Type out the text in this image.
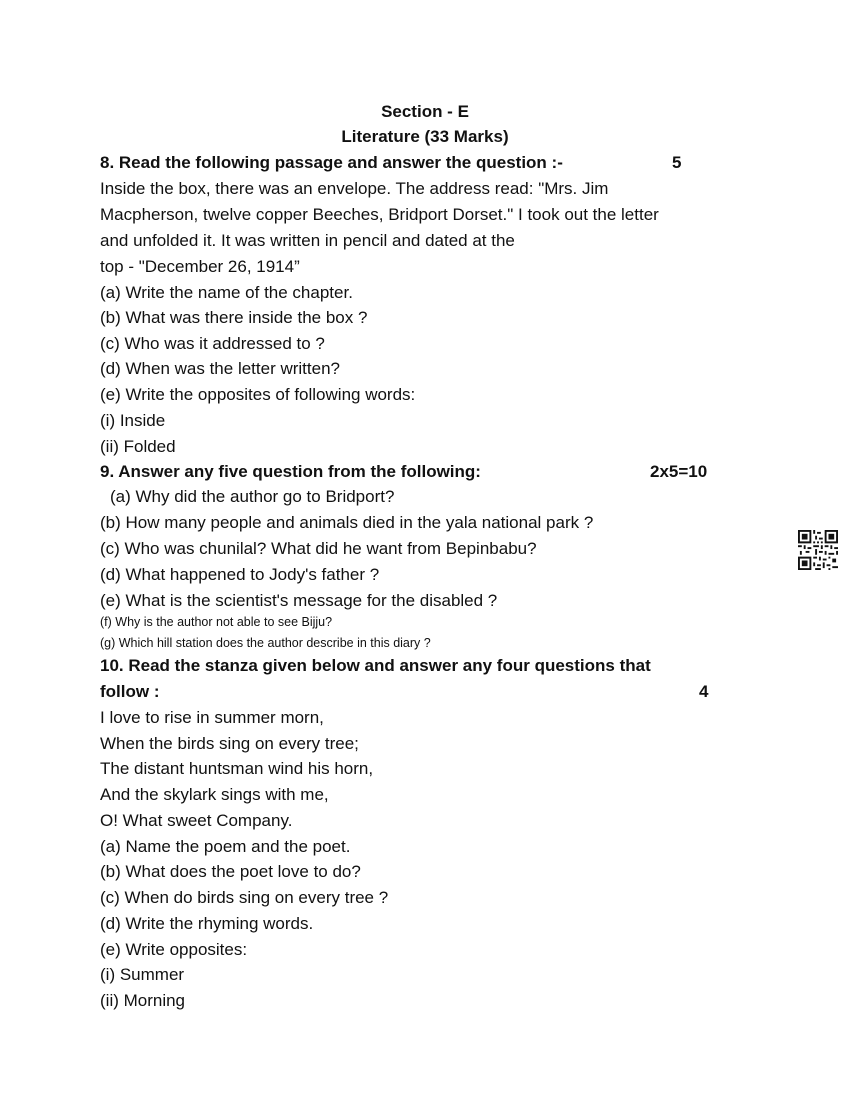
Section - E
Literature (33 Marks)
8. Read the following passage and answer the question :-	5
Inside the box, there was an envelope. The address read: "Mrs. Jim
Macpherson, twelve copper Beeches, Bridport Dorset." I took out the letter
and unfolded it. It was written in pencil and dated at the
top - "December 26, 1914”
(a) Write the name of the chapter.
(b) What was there inside the box ?
(c) Who was it addressed to ?
(d) When was the letter written?
(e) Write the opposites of following words:
(i) Inside
(ii) Folded
9. Answer any five question from the following:	2x5=10
(a) Why did the author go to Bridport?
(b) How many people and animals died in the yala national park ?
(c) Who was chunilal? What did he want from Bepinbabu?
(d) What happened to Jody's father ?
(e) What is the scientist's message for the disabled ?
(f) Why is the author not able to see Bijju?
(g) Which hill station does the author describe in this diary ?
10. Read the stanza given below and answer any four questions that
follow :	4
I love to rise in summer morn,
When the birds sing on every tree;
The distant huntsman wind his horn,
And the skylark sings with me,
O! What sweet Company.
(a) Name the poem and the poet.
(b) What does the poet love to do?
(c) When do birds sing on every tree ?
(d) Write the rhyming words.
(e) Write opposites:
(i) Summer
(ii) Morning
